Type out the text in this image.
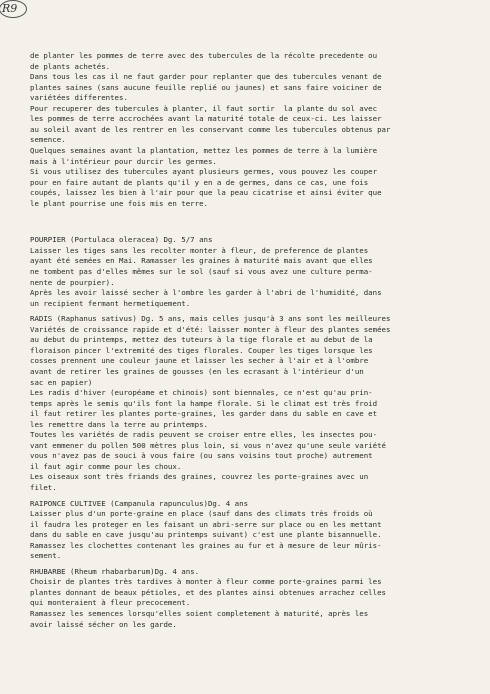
R9

de planter les pommes de terre avec des tubercules de la récolte precedente ou
de plants achetés.
Dans tous les cas il ne faut garder pour replanter que des tubercules venant de
plantes saines (sans aucune feuille replié ou jaunes) et sans faire voiciner de
variétées differentes.
Pour recuperer des tubercules à planter, il faut sortir  la plante du sol avec
les pommes de terre accrochées avant la maturité totale de ceux-ci. Les laisser
au soleil avant de les rentrer en les conservant comme les tubercules obtenus par
semence.
Quelques semaines avant la plantation, mettez les pommes de terre à la lumière
mais à l'intérieur pour durcir les germes.
Si vous utilisez des tubercules ayant plusieurs germes, vous pouvez les couper
pour en faire autant de plants qu'il y en a de germes, dans ce cas, une fois
coupés, laissez les bien à l'air pour que la peau cicatrise et ainsi éviter que
le plant pourrise une fois mis en terre.

POURPIER (Portulaca oleracea) Dg. 5/7 ans
Laisser les tiges sans les recolter monter à fleur, de preference de plantes
ayant été semées en Mai. Ramasser les graines à maturité mais avant que elles
ne tombent pas d'elles mêmes sur le sol (sauf si vous avez une culture perma-
nente de pourpier).
Après les avoir laissé secher à l'ombre les garder à l'abri de l'humidité, dans
un recipient fermant hermetiquement.
RADIS (Raphanus sativus) Dg. 5 ans, mais celles jusqu'à 3 ans sont les meilleures
Variétés de croissance rapide et d'été: laisser monter à fleur des plantes semées
au debut du printemps, mettez des tuteurs à la tige florale et au debut de la
floraison pincer l'extremité des tiges florales. Couper les tiges lorsque les
cosses prennent une couleur jaune et laisser les secher à l'air et à l'ombre
avant de retirer les graines de gousses (en les ecrasant à l'intérieur d'un
sac en papier)
Les radis d'hiver (européame et chinois) sont biennales, ce n'est qu'au prin-
temps après le semis qu'ils font la hampe florale. Si le climat est très froid
il faut retirer les plantes porte-graines, les garder dans du sable en cave et
les remettre dans la terre au printemps.
Toutes les variétés de radis peuvent se croiser entre elles, les insectes pou-
vant emmener du pollen 500 mètres plus loin, si vous n'avez qu'une seule variété
vous n'avez pas de souci à vous faire (ou sans voisins tout proche) autrement
il faut agir comme pour les choux.
Les oiseaux sont très friands des graines, couvrez les porte-graines avec un
filet.
RAIPONCE CULTIVEE (Campanula rapunculus)Dg. 4 ans
Laisser plus d'un porte-graine en place (sauf dans des climats très froids où
il faudra les proteger en les faisant un abri-serre sur place ou en les mettant
dans du sable en cave jusqu'au printemps suivant) c'est une plante bisannuelle.
Ramassez les clochettes contenant les graines au fur et à mesure de leur mûris-
sement.
RHUBARBE (Rheum rhabarbarum)Dg. 4 ans.
Choisir de plantes très tardives à monter à fleur comme porte-graines parmi les
plantes donnant de beaux pétioles, et des plantes ainsi obtenues arrachez celles
qui monteraient à fleur precocement.
Ramassez les semences lorsqu'elles soient completement à maturité, après les
avoir laissé sécher on les garde.
